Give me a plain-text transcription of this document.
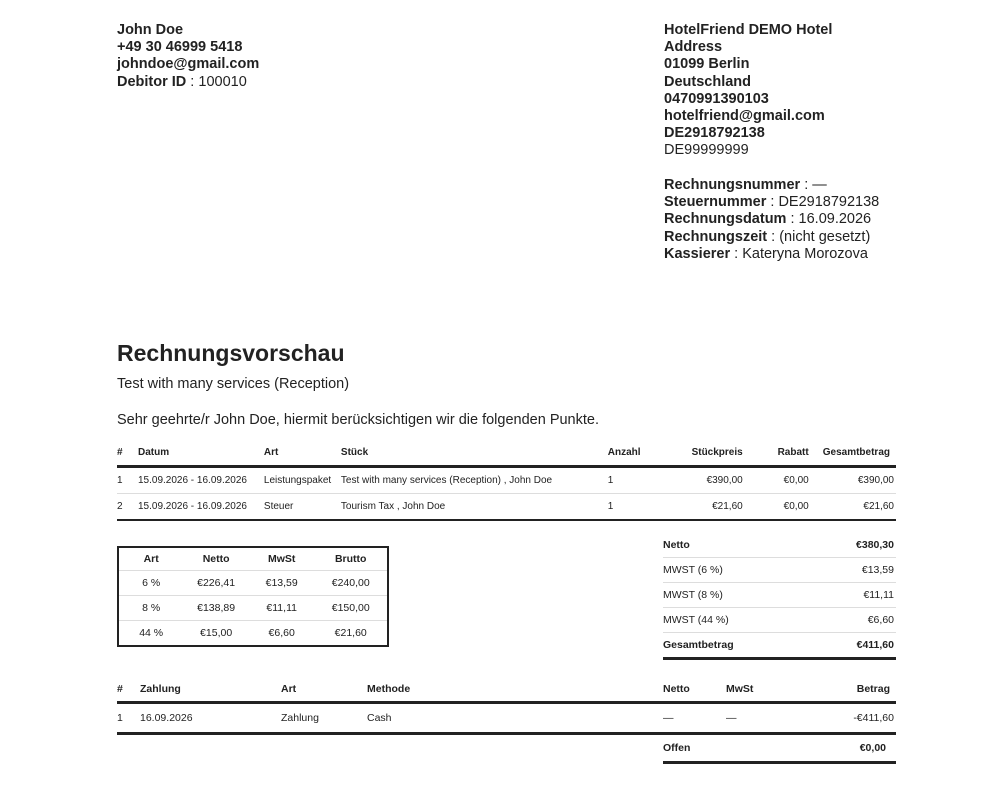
John Doe
+49 30 46999 5418
johndoe@gmail.com
Debitor ID : 100010
HotelFriend DEMO Hotel
Address
01099 Berlin
Deutschland
0470991390103
hotelfriend@gmail.com
DE2918792138
DE99999999
Rechnungsnummer : —
Steuernummer : DE2918792138
Rechnungsdatum : 16.09.2026
Rechnungszeit : (nicht gesetzt)
Kassierer : Kateryna Morozova
Rechnungsvorschau
Test with many services (Reception)
Sehr geehrte/r John Doe, hiermit berücksichtigen wir die folgenden Punkte.
#	Datum	Art	Stück	Anzahl	Stückpreis	Rabatt	Gesamtbetrag
1	15.09.2026 - 16.09.2026	Leistungspaket	Test with many services (Reception) , John Doe	1	€390,00	€0,00	€390,00
2	15.09.2026 - 16.09.2026	Steuer	Tourism Tax , John Doe	1	€21,60	€0,00	€21,60
Art	Netto	MwSt	Brutto
6 %	€226,41	€13,59	€240,00
8 %	€138,89	€11,11	€150,00
44 %	€15,00	€6,60	€21,60
Netto	€380,30
MWST (6 %)	€13,59
MWST (8 %)	€11,11
MWST (44 %)	€6,60
Gesamtbetrag	€411,60
#	Zahlung	Art	Methode	Netto	MwSt	Betrag
1	16.09.2026	Zahlung	Cash	—	—	-€411,60
Offen	€0,00
